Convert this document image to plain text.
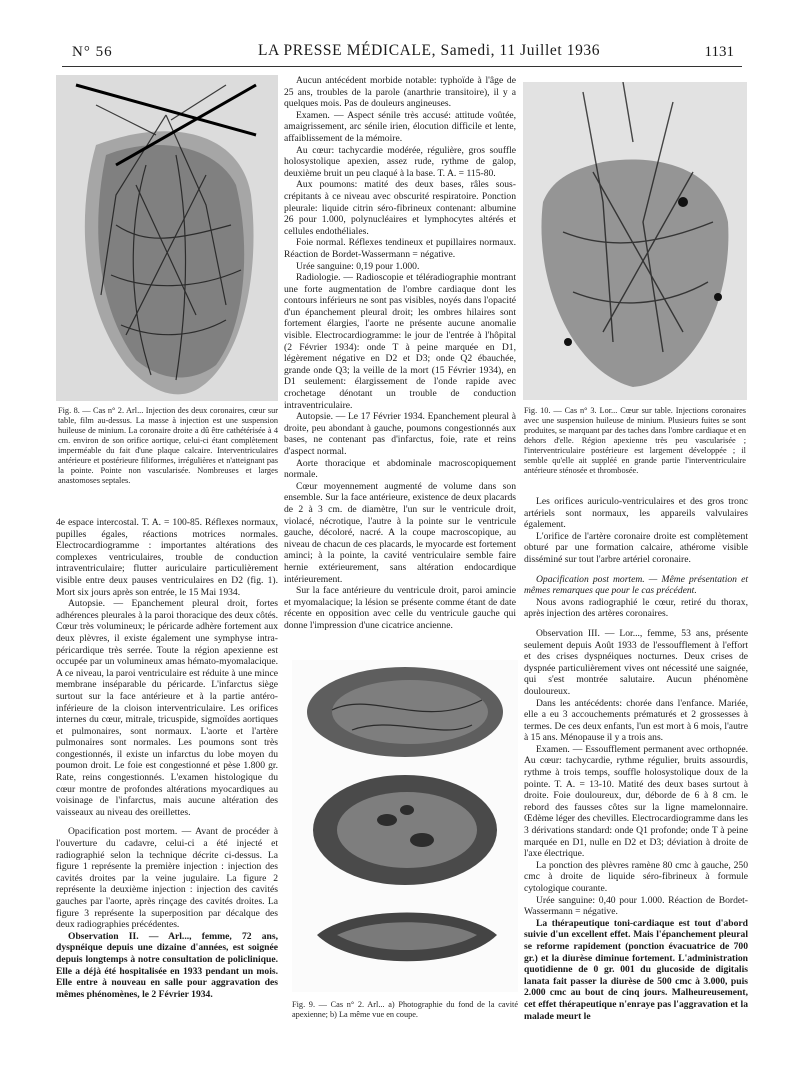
N° 56	LA PRESSE MÉDICALE, Samedi, 11 Juillet 1936	1131
Fig. 8. — Cas n° 2. Arl... Injection des deux coronaires, cœur sur table, film au-dessus. La masse à injection est une suspension huileuse de minium. La coronaire droite a dû être cathétérisée à 4 cm. environ de son orifice aortique, celui-ci étant complètement imperméable du fait d'une plaque calcaire. Interventriculaires antérieure et postérieure filiformes, irrégulières et n'atteignant pas la pointe. Pointe non vascularisée. Nombreuses et larges anastomoses septales.
Fig. 10. — Cas n° 3. Lor... Cœur sur table. Injections coronaires avec une suspension huileuse de minium. Plusieurs fuites se sont produites, se marquant par des taches dans l'ombre cardiaque et en dehors d'elle. Région apexienne très peu vascularisée ; l'interventriculaire postérieure est largement développée ; il semble qu'elle ait suppléé en grande partie l'interventriculaire antérieure sténosée et thrombosée.
Fig. 9. — Cas n° 2. Arl... a) Photographie du fond de la cavité apexienne; b) La même vue en coupe.

4e espace intercostal. T. A. = 100-85. Réflexes normaux, pupilles égales, réactions motrices normales. Electrocardiogramme : importantes altérations des complexes ventriculaires, trouble de conduction intraventriculaire; flutter auriculaire particulièrement visible entre deux pauses ventriculaires en D2 (fig. 1). Mort six jours après son entrée, le 15 Mai 1934.

Autopsie. — Epanchement pleural droit, fortes adhérences pleurales à la paroi thoracique des deux côtés. Cœur très volumineux; le péricarde adhère fortement aux deux plèvres, il existe également une symphyse intra-péricardique très serrée. Toute la région apexienne est occupée par un volumineux amas hémato-myomalacique. A ce niveau, la paroi ventriculaire est réduite à une mince membrane inséparable du péricarde. L'infarctus siège surtout sur la face antérieure et à la partie antéro-inférieure de la cloison interventriculaire. Les orifices internes du cœur, mitrale, tricuspide, sigmoïdes aortiques et pulmonaires, sont normaux. L'aorte et l'artère pulmonaires sont normales. Les poumons sont très congestionnés, il existe un infarctus du lobe moyen du poumon droit. Le foie est congestionné et pèse 1.800 gr. Rate, reins congestionnés. L'examen histologique du cœur montre de profondes altérations myocardiques au voisinage de l'infarctus, mais aucune altération des vaisseaux au niveau des oreillettes.

Opacification post mortem. — Avant de procéder à l'ouverture du cadavre, celui-ci a été injecté et radiographié selon la technique décrite ci-dessus. La figure 1 représente la première injection : injection des cavités droites par la veine jugulaire. La figure 2 représente la deuxième injection : injection des cavités gauches par l'aorte, après rinçage des cavités droites. La figure 3 représente la superposition par décalque des deux radiographies précédentes.

Observation II. — Arl..., femme, 72 ans, dyspnéique depuis une dizaine d'années, est soignée depuis longtemps à notre consultation de policlinique. Elle a déjà été hospitalisée en 1933 pendant un mois. Elle entre à nouveau en salle pour aggravation des mêmes phénomènes, le 2 Février 1934.

Aucun antécédent morbide notable: typhoïde à l'âge de 25 ans, troubles de la parole (anarthrie transitoire), il y a quelques mois. Pas de douleurs angineuses.

Examen. — Aspect sénile très accusé: attitude voûtée, amaigrissement, arc sénile irien, élocution difficile et lente, affaiblissement de la mémoire.

Au cœur: tachycardie modérée, régulière, gros souffle holosystolique apexien, assez rude, rythme de galop, deuxième bruit un peu claqué à la base. T. A. = 115-80.

Aux poumons: matité des deux bases, râles sous-crépitants à ce niveau avec obscurité respiratoire. Ponction pleurale: liquide citrin séro-fibrineux contenant: albumine 26 pour 1.000, polynucléaires et lymphocytes altérés et cellules endothéliales.

Foie normal. Réflexes tendineux et pupillaires normaux. Réaction de Bordet-Wassermann = négative.

Urée sanguine: 0,19 pour 1.000.

Radiologie. — Radioscopie et téléradiographie montrant une forte augmentation de l'ombre cardiaque dont les contours inférieurs ne sont pas visibles, noyés dans l'opacité d'un épanchement pleural droit; les ombres hilaires sont fortement élargies, l'aorte ne présente aucune anomalie visible. Electrocardiogramme: le jour de l'entrée à l'hôpital (2 Février 1934): onde T à peine marquée en D1, légèrement négative en D2 et D3; onde Q2 ébauchée, grande onde Q3; la veille de la mort (15 Février 1934), en D1 seulement: élargissement de l'onde rapide avec crochetage dénotant un trouble de conduction intraventriculaire.

Autopsie. — Le 17 Février 1934. Epanchement pleural à droite, peu abondant à gauche, poumons congestionnés aux bases, ne contenant pas d'infarctus, foie, rate et reins d'aspect normal.

Aorte thoracique et abdominale macroscopiquement normale.

Cœur moyennement augmenté de volume dans son ensemble. Sur la face antérieure, existence de deux placards de 2 à 3 cm. de diamètre, l'un sur le ventricule droit, violacé, nécrotique, l'autre à la pointe sur le ventricule gauche, décoloré, nacré. A la coupe macroscopique, au niveau de chacun de ces placards, le myocarde est fortement aminci; à la pointe, la cavité ventriculaire semble faire hernie extérieurement, sans altération endocardique intérieurement.

Sur la face antérieure du ventricule droit, paroi amincie et myomalacique; la lésion se présente comme étant de date récente en opposition avec celle du ventricule gauche qui donne l'impression d'une cicatrice ancienne.

Les orifices auriculo-ventriculaires et des gros tronc artériels sont normaux, les appareils valvulaires également.

L'orifice de l'artère coronaire droite est complètement obturé par une formation calcaire, athérome visible disséminé sur tout l'arbre artériel coronaire.

Opacification post mortem. — Même présentation et mêmes remarques que pour le cas précédent.

Nous avons radiographié le cœur, retiré du thorax, après injection des artères coronaires.

Observation III. — Lor..., femme, 53 ans, présente seulement depuis Août 1933 de l'essoufflement à l'effort et des crises dyspnéiques nocturnes. Deux crises de dyspnée particulièrement vives ont nécessité une saignée, qui s'est montrée salutaire. Aucun phénomène douloureux.

Dans les antécédents: chorée dans l'enfance. Mariée, elle a eu 3 accouchements prématurés et 2 grossesses à termes. De ces deux enfants, l'un est mort à 6 mois, l'autre à 15 ans. Ménopause il y a trois ans.

Examen. — Essoufflement permanent avec orthopnée. Au cœur: tachycardie, rythme régulier, bruits assourdis, rythme à trois temps, souffle holosystolique doux de la pointe. T. A. = 13-10. Matité des deux bases surtout à droite. Foie douloureux, dur, déborde de 6 à 8 cm. le rebord des fausses côtes sur la ligne mamelonnaire. Œdème léger des chevilles. Electrocardiogramme dans les 3 dérivations standard: onde Q1 profonde; onde T à peine marquée en D1, nulle en D2 et D3; déviation à droite de l'axe électrique.

La ponction des plèvres ramène 80 cmc à gauche, 250 cmc à droite de liquide séro-fibrineux à formule cytologique courante.

Urée sanguine: 0,40 pour 1.000. Réaction de Bordet-Wassermann = négative.

La thérapeutique toni-cardiaque est tout d'abord suivie d'un excellent effet. Mais l'épanchement pleural se reforme rapidement (ponction évacuatrice de 700 gr.) et la diurèse diminue fortement. L'administration quotidienne de 0 gr. 001 du glucoside de digitalis lanata fait passer la diurèse de 500 cmc à 3.000, puis 2.000 cmc au bout de cinq jours. Malheureusement, cet effet thérapeutique n'enraye pas l'aggravation et la malade meurt le
